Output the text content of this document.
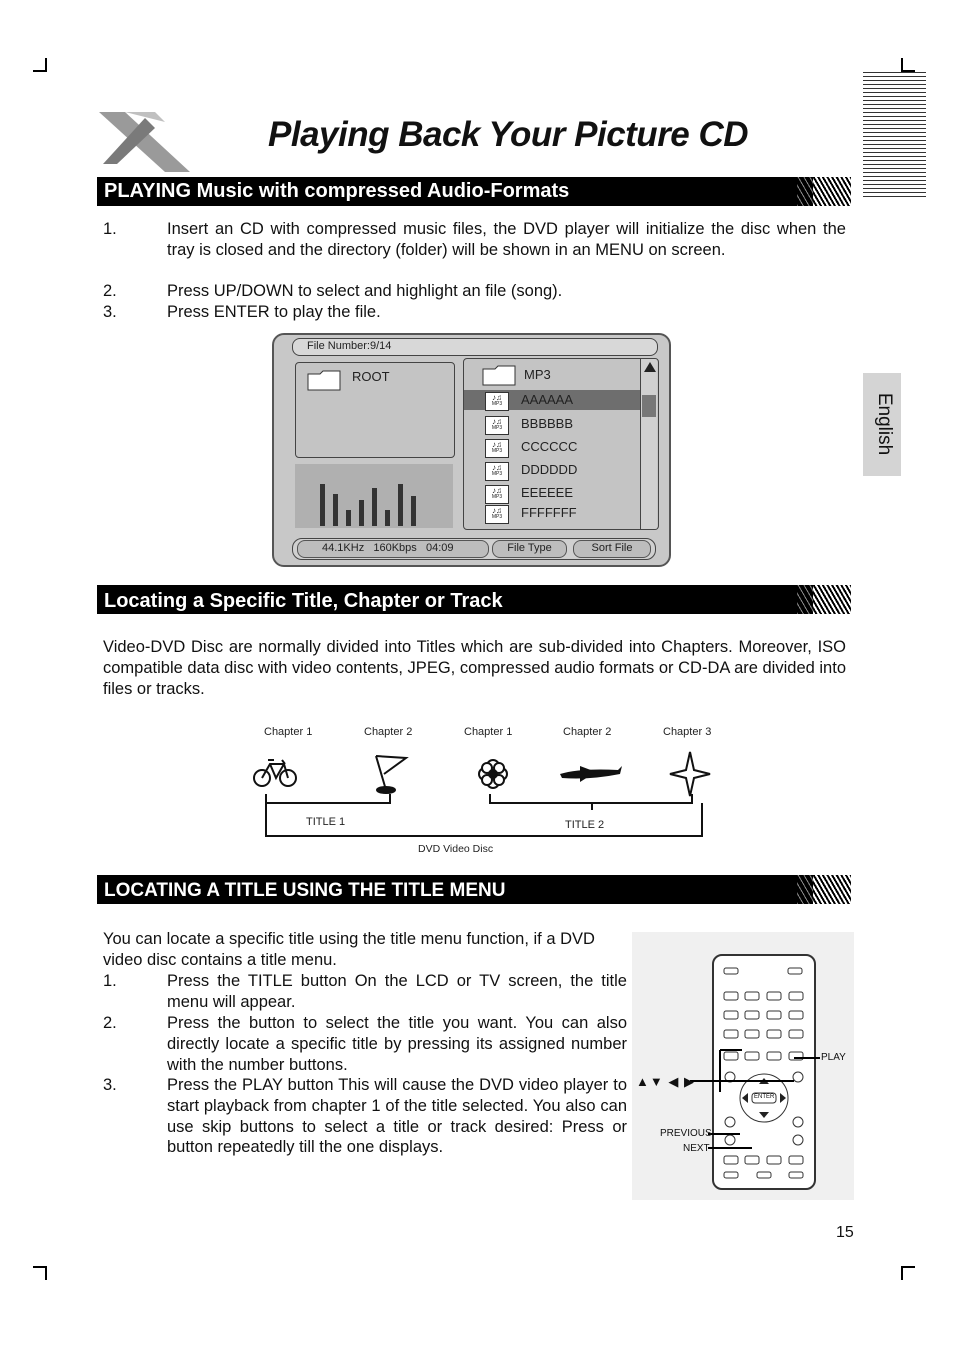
English
Playing Back Your Picture CD
PLAYING Music with compressed Audio-Formats
1.	Insert an CD with compressed music files, the DVD player will initialize the disc when the tray is closed and the directory (folder) will be shown in an MENU on screen.
2.	Press UP/DOWN to select and highlight an file (song).
3.	Press ENTER to play the file.
File Number:9/14
ROOT	MP3
♪♫
MP3	AAAAAA
♪♫
MP3	BBBBBB
♪♫
MP3	CCCCCC
♪♫
MP3	DDDDDD
♪♫
MP3	EEEEEE
♪♫
MP3	FFFFFFF
44.1KHz   160Kbps   04:09	File Type	Sort File
Locating a Specific Title, Chapter or Track
Video-DVD Disc are normally divided into Titles which are sub-divided into Chapters. Moreover, ISO compatible data disc with video contents, JPEG, compressed audio formats or CD-DA are divided into files or tracks.
Chapter 1	Chapter 2	Chapter 1	Chapter 2	Chapter 3
TITLE 1	TITLE 2
DVD Video Disc
LOCATING A TITLE USING THE TITLE MENU
You can locate a specific title using the title menu function, if a DVD video disc contains a title menu.
1.	Press the TITLE button On the LCD or TV screen, the title menu will appear.
2.	Press the button to select the title you want. You can also directly locate a specific title by pressing its assigned number with the number buttons.
3.	Press the PLAY button This will cause the DVD video player to start playback from chapter 1 of the title selected. You also can use skip buttons to select a title or track desired: Press or button repeatedly till the one displays.
ENTER
PLAY
▲▼ ◀ ▶
PREVIOUS
NEXT
15
